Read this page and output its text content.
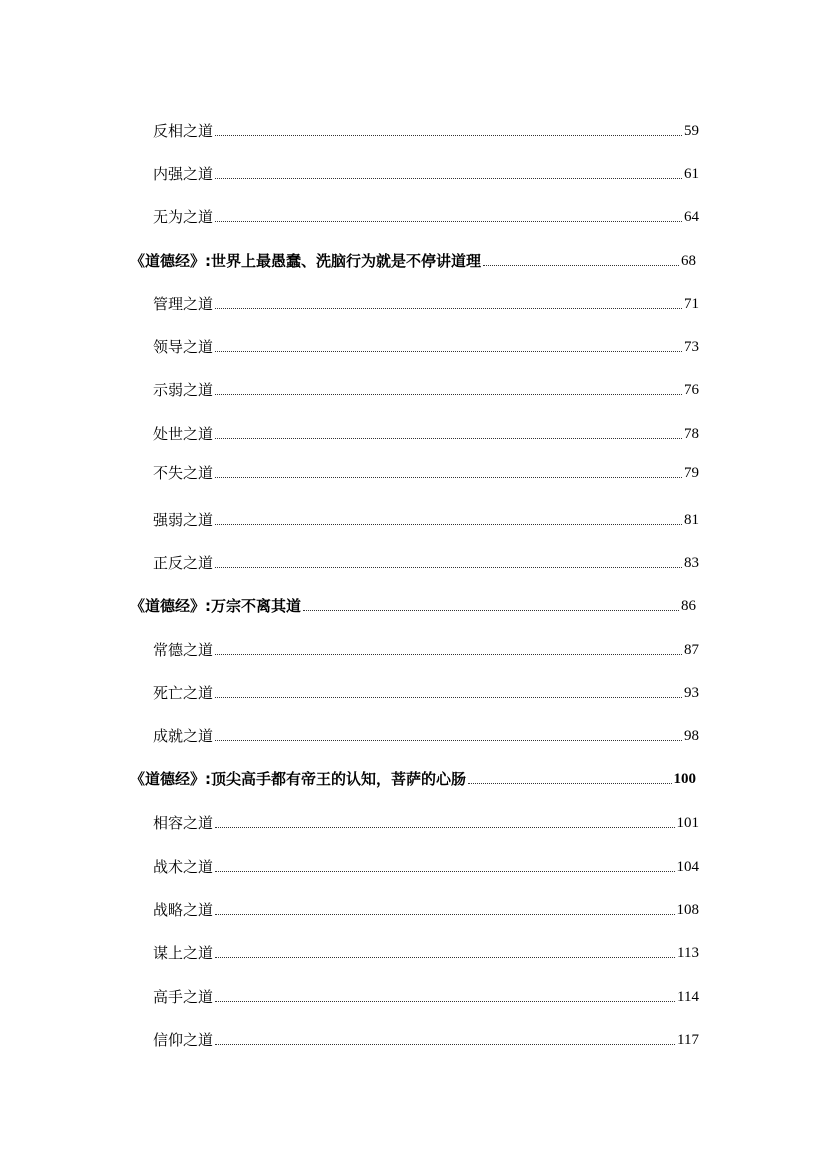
反相之道	59
内强之道	61
无为之道	64
《道德经》:世界上最愚蠢、洗脑行为就是不停讲道理	68
管理之道	71
领导之道	73
示弱之道	76
处世之道	78
不失之道	79
强弱之道	81
正反之道	83
《道德经》:万宗不离其道	86
常德之道	87
死亡之道	93
成就之道	98
《道德经》:顶尖高手都有帝王的认知，菩萨的心肠	100
相容之道	101
战术之道	104
战略之道	108
谋上之道	113
高手之道	114
信仰之道	117
